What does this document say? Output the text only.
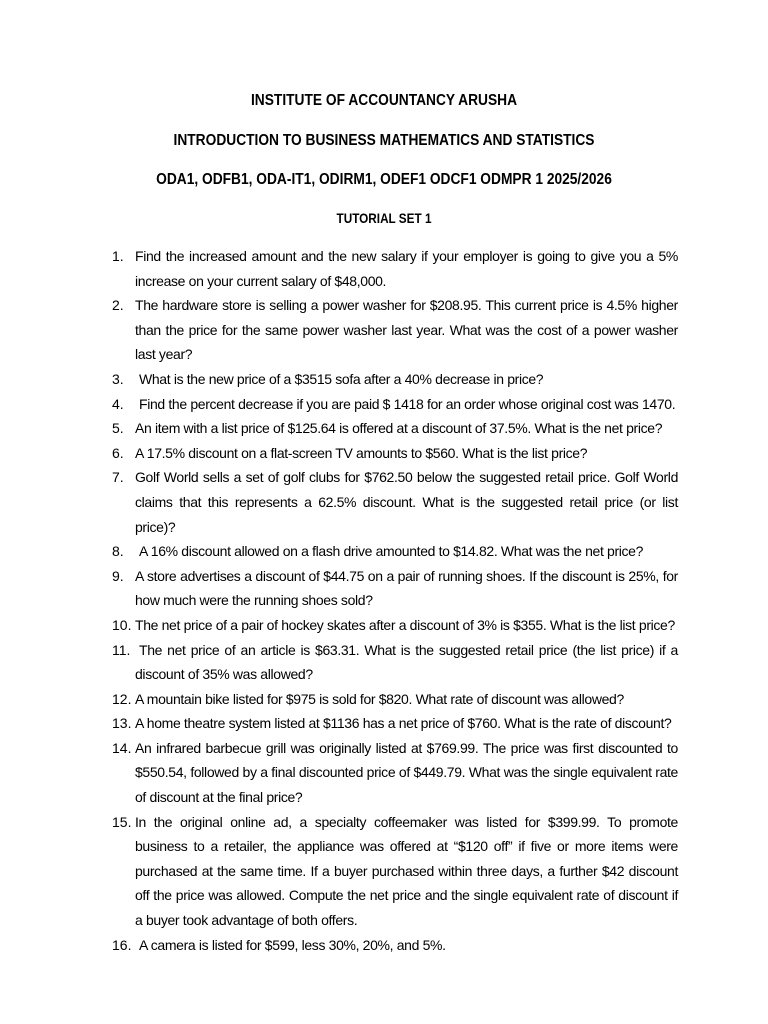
INSTITUTE OF ACCOUNTANCY ARUSHA
INTRODUCTION TO BUSINESS MATHEMATICS AND STATISTICS
ODA1, ODFB1, ODA-IT1, ODIRM1, ODEF1 ODCF1 ODMPR 1 2025/2026
TUTORIAL SET 1
1. Find the increased amount and the new salary if your employer is going to give you a 5% increase on your current salary of $48,000.
2. The hardware store is selling a power washer for $208.95. This current price is 4.5% higher than the price for the same power washer last year. What was the cost of a power washer last year?
3.	What is the new price of a $3515 sofa after a 40% decrease in price?
4.	Find the percent decrease if you are paid $ 1418 for an order whose original cost was 1470.
5. An item with a list price of $125.64 is offered at a discount of 37.5%. What is the net price?
6. A 17.5% discount on a flat-screen TV amounts to $560. What is the list price?
7. Golf World sells a set of golf clubs for $762.50 below the suggested retail price. Golf World claims that this represents a 62.5% discount. What is the suggested retail price (or list price)?
8.	A 16% discount allowed on a flash drive amounted to $14.82. What was the net price?
9. A store advertises a discount of $44.75 on a pair of running shoes. If the discount is 25%, for how much were the running shoes sold?
10. The net price of a pair of hockey skates after a discount of 3% is $355. What is the list price?
11. The net price of an article is $63.31. What is the suggested retail price (the list price) if a discount of 35% was allowed?
12. A mountain bike listed for $975 is sold for $820. What rate of discount was allowed?
13. A home theatre system listed at $1136 has a net price of $760. What is the rate of discount?
14. An infrared barbecue grill was originally listed at $769.99. The price was first discounted to $550.54, followed by a final discounted price of $449.79. What was the single equivalent rate of discount at the final price?
15. In the original online ad, a specialty coffeemaker was listed for $399.99. To promote business to a retailer, the appliance was offered at “$120 off” if five or more items were purchased at the same time. If a buyer purchased within three days, a further $42 discount off the price was allowed. Compute the net price and the single equivalent rate of discount if a buyer took advantage of both offers.
16. A camera is listed for $599, less 30%, 20%, and 5%.
